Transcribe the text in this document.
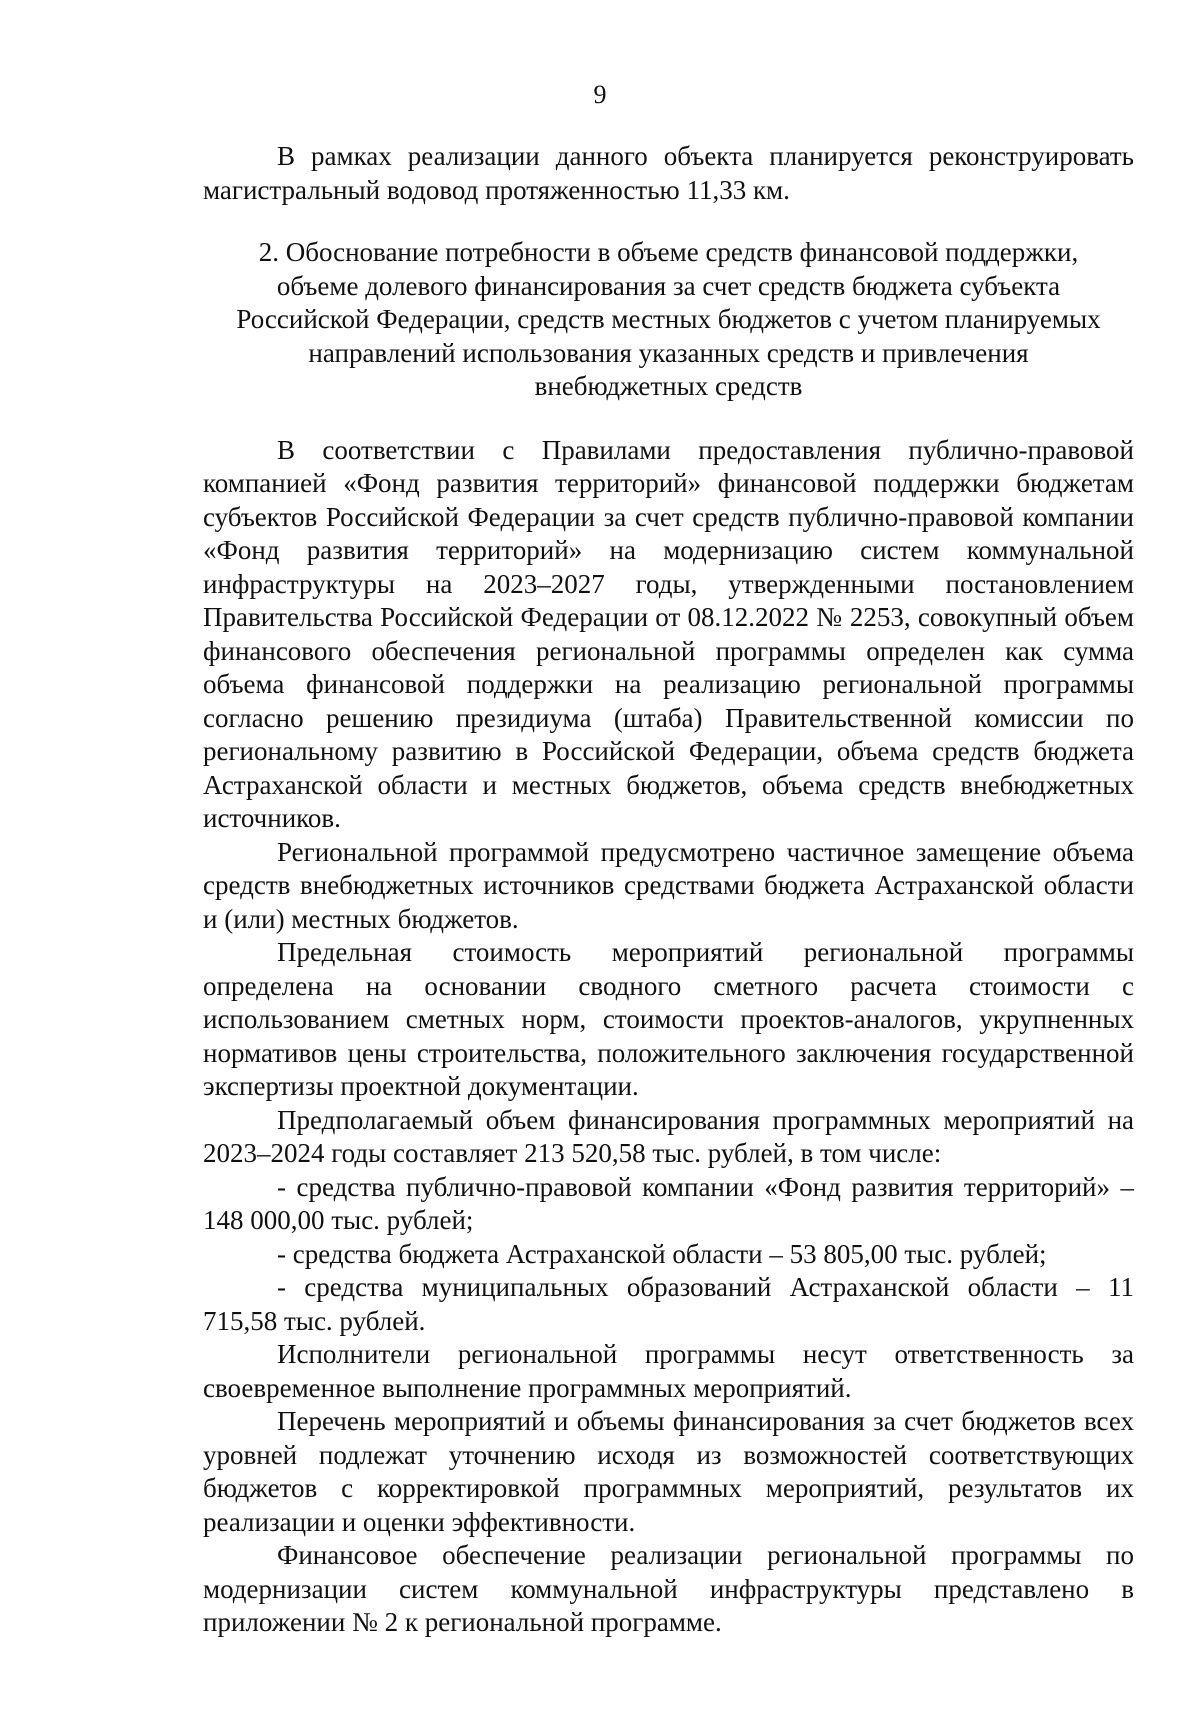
9

В рамках реализации данного объекта планируется реконструировать магистральный водовод протяженностью 11,33 км.

2. Обоснование потребности в объеме средств финансовой поддержки,
объеме долевого финансирования за счет средств бюджета субъекта
Российской Федерации, средств местных бюджетов с учетом планируемых
направлений использования указанных средств и привлечения
внебюджетных средств

В соответствии с Правилами предоставления публично-правовой компанией «Фонд развития территорий» финансовой поддержки бюджетам субъектов Российской Федерации за счет средств публично-правовой компании «Фонд развития территорий» на модернизацию систем коммунальной инфраструктуры на 2023–2027 годы, утвержденными постановлением Правительства Российской Федерации от 08.12.2022 № 2253, совокупный объем финансового обеспечения региональной программы определен как сумма объема финансовой поддержки на реализацию региональной программы согласно решению президиума (штаба) Правительственной комиссии по региональному развитию в Российской Федерации, объема средств бюджета Астраханской области и местных бюджетов, объема средств внебюджетных источников.

Региональной программой предусмотрено частичное замещение объема средств внебюджетных источников средствами бюджета Астраханской области и (или) местных бюджетов.

Предельная стоимость мероприятий региональной программы определена на основании сводного сметного расчета стоимости с использованием сметных норм, стоимости проектов-аналогов, укрупненных нормативов цены строительства, положительного заключения государственной экспертизы проектной документации.

Предполагаемый объем финансирования программных мероприятий на 2023–2024 годы составляет 213 520,58 тыс. рублей, в том числе:

- средства публично-правовой компании «Фонд развития территорий» – 148 000,00 тыс. рублей;

- средства бюджета Астраханской области – 53 805,00 тыс. рублей;

- средства муниципальных образований Астраханской области – 11 715,58 тыс. рублей.

Исполнители региональной программы несут ответственность за своевременное выполнение программных мероприятий.

Перечень мероприятий и объемы финансирования за счет бюджетов всех уровней подлежат уточнению исходя из возможностей соответствующих бюджетов с корректировкой программных мероприятий, результатов их реализации и оценки эффективности.

Финансовое обеспечение реализации региональной программы по модернизации систем коммунальной инфраструктуры представлено в приложении № 2 к региональной программе.
